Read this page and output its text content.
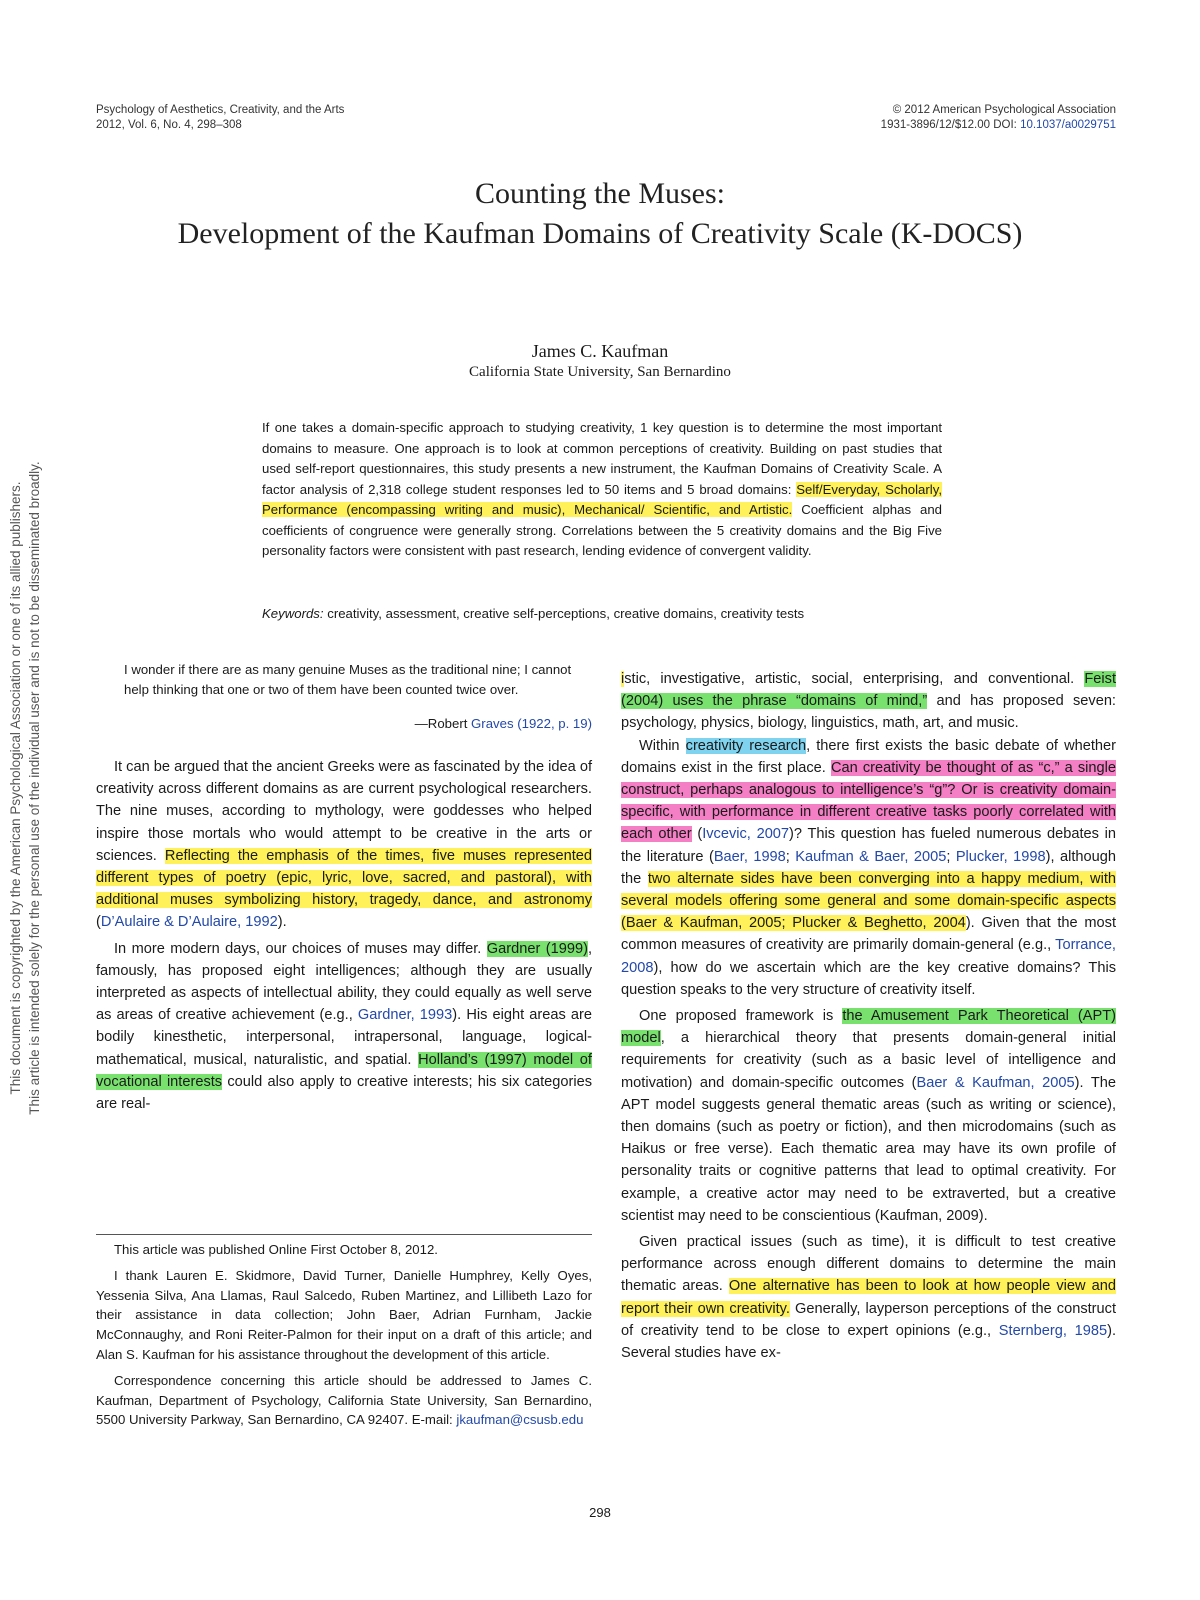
Psychology of Aesthetics, Creativity, and the Arts
2012, Vol. 6, No. 4, 298–308
© 2012 American Psychological Association
1931-3896/12/$12.00 DOI: 10.1037/a0029751
Counting the Muses:
Development of the Kaufman Domains of Creativity Scale (K-DOCS)
James C. Kaufman
California State University, San Bernardino
If one takes a domain-specific approach to studying creativity, 1 key question is to determine the most important domains to measure. One approach is to look at common perceptions of creativity. Building on past studies that used self-report questionnaires, this study presents a new instrument, the Kaufman Domains of Creativity Scale. A factor analysis of 2,318 college student responses led to 50 items and 5 broad domains: Self/Everyday, Scholarly, Performance (encompassing writing and music), Mechanical/ Scientific, and Artistic. Coefficient alphas and coefficients of congruence were generally strong. Correlations between the 5 creativity domains and the Big Five personality factors were consistent with past research, lending evidence of convergent validity.
Keywords: creativity, assessment, creative self-perceptions, creative domains, creativity tests
I wonder if there are as many genuine Muses as the traditional nine; I cannot help thinking that one or two of them have been counted twice over.
—Robert Graves (1922, p. 19)

It can be argued that the ancient Greeks were as fascinated by the idea of creativity across different domains as are current psychological researchers. The nine muses, according to mythology, were goddesses who helped inspire those mortals who would attempt to be creative in the arts or sciences. Reflecting the emphasis of the times, five muses represented different types of poetry (epic, lyric, love, sacred, and pastoral), with additional muses symbolizing history, tragedy, dance, and astronomy (D’Aulaire & D’Aulaire, 1992).

In more modern days, our choices of muses may differ. Gardner (1999), famously, has proposed eight intelligences; although they are usually interpreted as aspects of intellectual ability, they could equally as well serve as areas of creative achievement (e.g., Gardner, 1993). His eight areas are bodily kinesthetic, interpersonal, intrapersonal, language, logical-mathematical, musical, naturalistic, and spatial. Holland’s (1997) model of vocational interests could also apply to creative interests; his six categories are real-

istic, investigative, artistic, social, enterprising, and conventional. Feist (2004) uses the phrase “domains of mind,” and has proposed seven: psychology, physics, biology, linguistics, math, art, and music.

Within creativity research, there first exists the basic debate of whether domains exist in the first place. Can creativity be thought of as “c,” a single construct, perhaps analogous to intelligence’s “g”? Or is creativity domain-specific, with performance in different creative tasks poorly correlated with each other (Ivcevic, 2007)? This question has fueled numerous debates in the literature (Baer, 1998; Kaufman & Baer, 2005; Plucker, 1998), although the two alternate sides have been converging into a happy medium, with several models offering some general and some domain-specific aspects (Baer & Kaufman, 2005; Plucker & Beghetto, 2004). Given that the most common measures of creativity are primarily domain-general (e.g., Torrance, 2008), how do we ascertain which are the key creative domains? This question speaks to the very structure of creativity itself.

One proposed framework is the Amusement Park Theoretical (APT) model, a hierarchical theory that presents domain-general initial requirements for creativity (such as a basic level of intelligence and motivation) and domain-specific outcomes (Baer & Kaufman, 2005). The APT model suggests general thematic areas (such as writing or science), then domains (such as poetry or fiction), and then microdomains (such as Haikus or free verse). Each thematic area may have its own profile of personality traits or cognitive patterns that lead to optimal creativity. For example, a creative actor may need to be extraverted, but a creative scientist may need to be conscientious (Kaufman, 2009).

Given practical issues (such as time), it is difficult to test creative performance across enough different domains to determine the main thematic areas. One alternative has been to look at how people view and report their own creativity. Generally, layperson perceptions of the construct of creativity tend to be close to expert opinions (e.g., Sternberg, 1985). Several studies have ex-

This article was published Online First October 8, 2012.

I thank Lauren E. Skidmore, David Turner, Danielle Humphrey, Kelly Oyes, Yessenia Silva, Ana Llamas, Raul Salcedo, Ruben Martinez, and Lillibeth Lazo for their assistance in data collection; John Baer, Adrian Furnham, Jackie McConnaughy, and Roni Reiter-Palmon for their input on a draft of this article; and Alan S. Kaufman for his assistance throughout the development of this article.

Correspondence concerning this article should be addressed to James C. Kaufman, Department of Psychology, California State University, San Bernardino, 5500 University Parkway, San Bernardino, CA 92407. E-mail: jkaufman@csusb.edu

298
This document is copyrighted by the American Psychological Association or one of its allied publishers. This article is intended solely for the personal use of the individual user and is not to be disseminated broadly.
